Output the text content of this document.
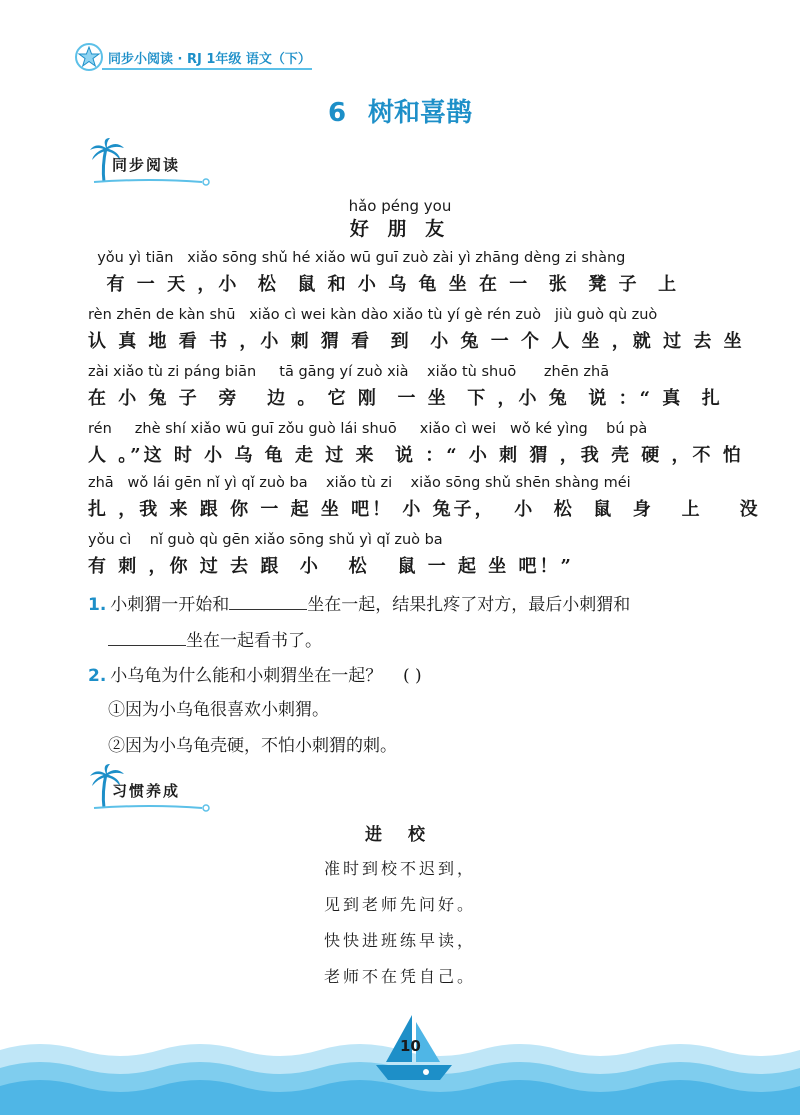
同步小阅读 · RJ 1年级 语文（下）
6 树和喜鹊
同步阅读
hǎo péng you
好 朋 友
yǒu yì tiān   xiǎo sōng shǔ hé xiǎo wū guī zuò zài yì zhāng dèng zi shàng
有 一 天 ，小  松  鼠 和 小 乌 龟 坐 在 一  张  凳 子  上
rèn zhēn de kàn shū   xiǎo cì wei kàn dào xiǎo tù yí gè rén zuò   jiù guò qù zuò
认 真 地 看 书 ，小 刺 猬 看  到  小 兔 一 个 人 坐 ，就 过 去 坐
zài xiǎo tù zi páng biān     tā gāng yí zuò xià    xiǎo tù shuō      zhēn zhā
在 小 兔 子  旁   边 。 它 刚  一 坐  下 ，小 兔  说 ：“ 真  扎
rén     zhè shí xiǎo wū guī zǒu guò lái shuō     xiǎo cì wei   wǒ ké yìng    bú pà
人 。”这 时 小 乌 龟 走 过 来  说 ：“ 小 刺 猬 ，我 壳 硬 ，不 怕
zhā   wǒ lái gēn nǐ yì qǐ zuò ba    xiǎo tù zi    xiǎo sōng shǔ shēn shàng méi
扎 ，我 来 跟 你 一 起 坐 吧！ 小 兔子，  小  松  鼠  身   上    没
yǒu cì    nǐ guò qù gēn xiǎo sōng shǔ yì qǐ zuò ba
有 刺 ，你 过 去 跟  小   松   鼠 一 起 坐 吧！”
1. 小刺猬一开始和	坐在一起，结果扎疼了对方，最后小刺猬和
坐在一起看书了。
2. 小乌龟为什么能和小刺猬坐在一起？ ( )
①因为小乌龟很喜欢小刺猬。
②因为小乌龟壳硬，不怕小刺猬的刺。
习惯养成
进 校
准时到校不迟到，
见到老师先问好。
快快进班练早读，
老师不在凭自己。
10
